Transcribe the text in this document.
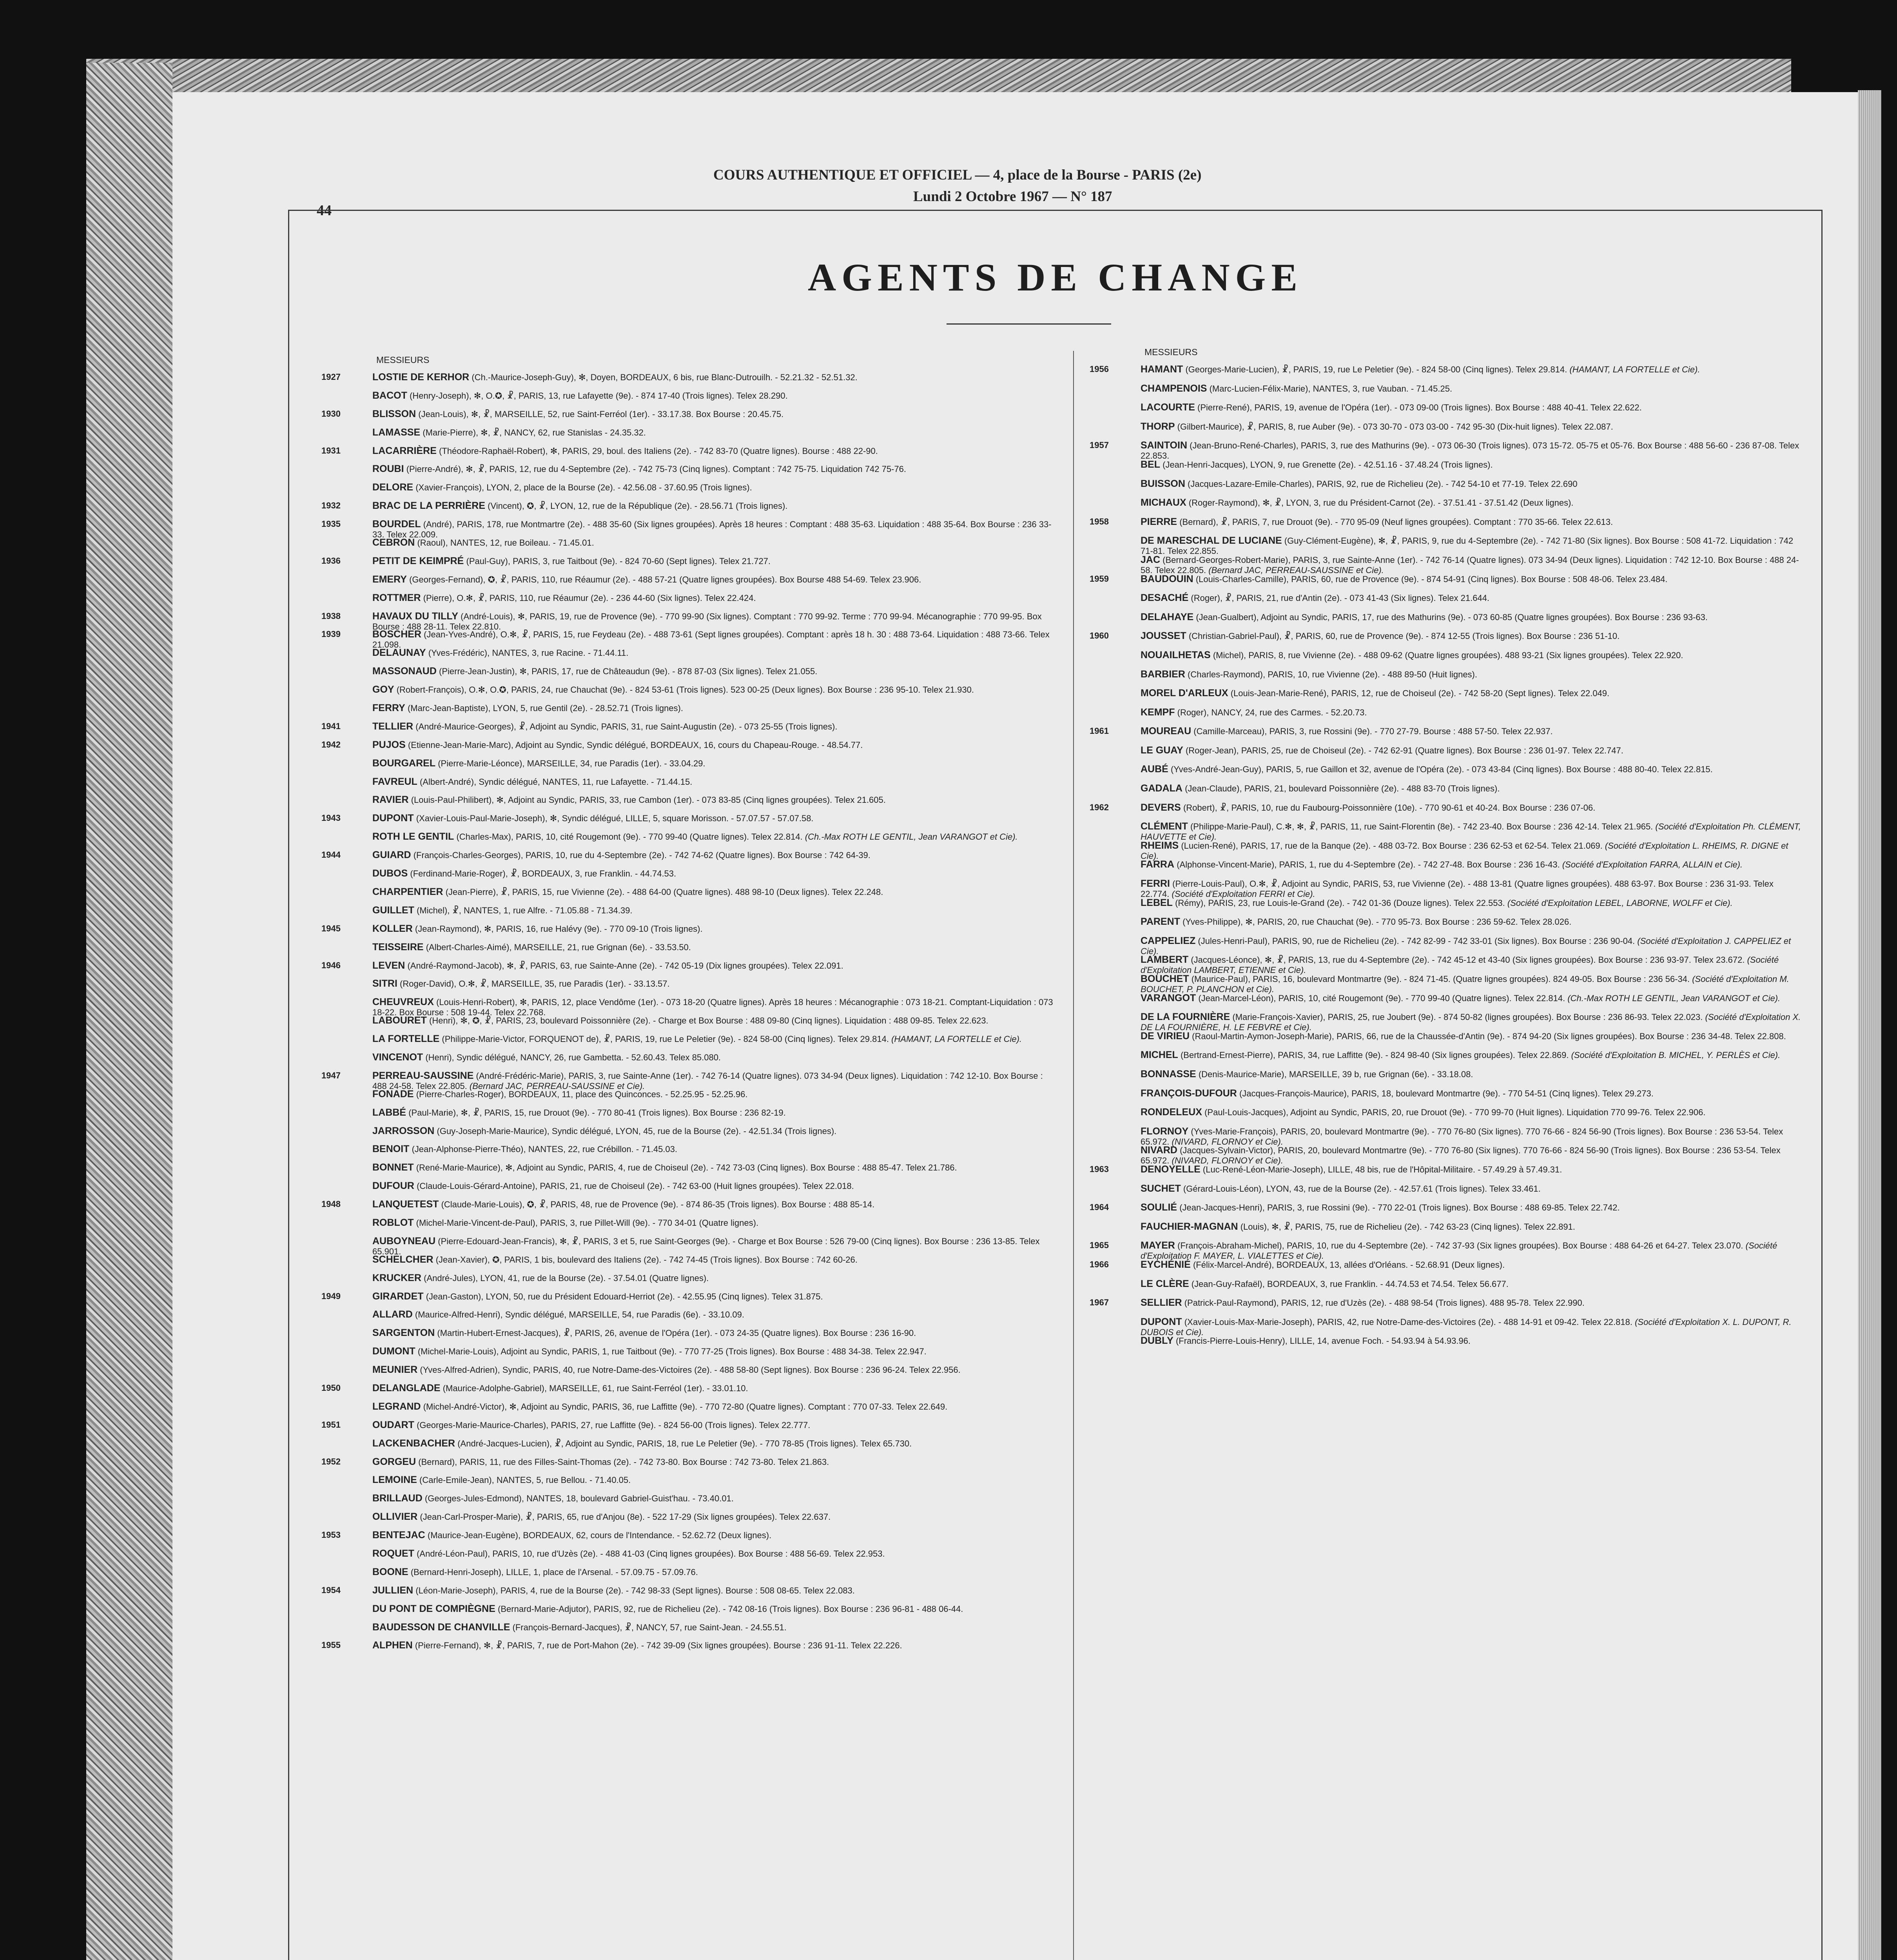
COURS AUTHENTIQUE ET OFFICIEL — 4, place de la Bourse - PARIS (2e)
Lundi 2 Octobre 1967 — N° 187
44
AGENTS DE CHANGE
MESSIEURS
1927	LOSTIE DE KERHOR (Ch.-Maurice-Joseph-Guy), ✻, Doyen, BORDEAUX, 6 bis, rue Blanc-Dutrouilh. - 52.21.32 - 52.51.32.
BACOT (Henry-Joseph), ✻, O.✪, ☧, PARIS, 13, rue Lafayette (9e). - 874 17-40 (Trois lignes). Telex 28.290.
1930	BLISSON (Jean-Louis), ✻, ☧, MARSEILLE, 52, rue Saint-Ferréol (1er). - 33.17.38. Box Bourse : 20.45.75.
LAMASSE (Marie-Pierre), ✻, ☧, NANCY, 62, rue Stanislas - 24.35.32.
1931	LACARRIÈRE (Théodore-Raphaël-Robert), ✻, PARIS, 29, boul. des Italiens (2e). - 742 83-70 (Quatre lignes). Bourse : 488 22-90.
ROUBI (Pierre-André), ✻, ☧, PARIS, 12, rue du 4-Septembre (2e). - 742 75-73 (Cinq lignes). Comptant : 742 75-75. Liquidation 742 75-76.
DELORE (Xavier-François), LYON, 2, place de la Bourse (2e). - 42.56.08 - 37.60.95 (Trois lignes).
1932	BRAC DE LA PERRIÈRE (Vincent), ✪, ☧, LYON, 12, rue de la République (2e). - 28.56.71 (Trois lignes).
1935	BOURDEL (André), PARIS, 178, rue Montmartre (2e). - 488 35-60 (Six lignes groupées). Après 18 heures : Comptant : 488 35-63. Liquidation : 488 35-64. Box Bourse : 236 33-33. Telex 22.009.
CEBRON (Raoul), NANTES, 12, rue Boileau. - 71.45.01.
1936	PETIT DE KEIMPRÉ (Paul-Guy), PARIS, 3, rue Taitbout (9e). - 824 70-60 (Sept lignes). Telex 21.727.
EMERY (Georges-Fernand), ✪, ☧, PARIS, 110, rue Réaumur (2e). - 488 57-21 (Quatre lignes groupées). Box Bourse 488 54-69. Telex 23.906.
ROTTMER (Pierre), O.✻, ☧, PARIS, 110, rue Réaumur (2e). - 236 44-60 (Six lignes). Telex 22.424.
1938	HAVAUX DU TILLY (André-Louis), ✻, PARIS, 19, rue de Provence (9e). - 770 99-90 (Six lignes). Comptant : 770 99-92. Terme : 770 99-94. Mécanographie : 770 99-95. Box Bourse : 488 28-11. Telex 22.810.
1939	BOSCHER (Jean-Yves-André), O.✻, ☧, PARIS, 15, rue Feydeau (2e). - 488 73-61 (Sept lignes groupées). Comptant : après 18 h. 30 : 488 73-64. Liquidation : 488 73-66. Telex 21.098.
DELAUNAY (Yves-Frédéric), NANTES, 3, rue Racine. - 71.44.11.
MASSONAUD (Pierre-Jean-Justin), ✻, PARIS, 17, rue de Châteaudun (9e). - 878 87-03 (Six lignes). Telex 21.055.
GOY (Robert-François), O.✻, O.✪, PARIS, 24, rue Chauchat (9e). - 824 53-61 (Trois lignes). 523 00-25 (Deux lignes). Box Bourse : 236 95-10. Telex 21.930.
FERRY (Marc-Jean-Baptiste), LYON, 5, rue Gentil (2e). - 28.52.71 (Trois lignes).
1941	TELLIER (André-Maurice-Georges), ☧, Adjoint au Syndic, PARIS, 31, rue Saint-Augustin (2e). - 073 25-55 (Trois lignes).
1942	PUJOS (Etienne-Jean-Marie-Marc), Adjoint au Syndic, Syndic délégué, BORDEAUX, 16, cours du Chapeau-Rouge. - 48.54.77.
BOURGAREL (Pierre-Marie-Léonce), MARSEILLE, 34, rue Paradis (1er). - 33.04.29.
FAVREUL (Albert-André), Syndic délégué, NANTES, 11, rue Lafayette. - 71.44.15.
RAVIER (Louis-Paul-Philibert), ✻, Adjoint au Syndic, PARIS, 33, rue Cambon (1er). - 073 83-85 (Cinq lignes groupées). Telex 21.605.
1943	DUPONT (Xavier-Louis-Paul-Marie-Joseph), ✻, Syndic délégué, LILLE, 5, square Morisson. - 57.07.57 - 57.07.58.
ROTH LE GENTIL (Charles-Max), PARIS, 10, cité Rougemont (9e). - 770 99-40 (Quatre lignes). Telex 22.814. (Ch.-Max ROTH LE GENTIL, Jean VARANGOT et Cie).
1944	GUIARD (François-Charles-Georges), PARIS, 10, rue du 4-Septembre (2e). - 742 74-62 (Quatre lignes). Box Bourse : 742 64-39.
DUBOS (Ferdinand-Marie-Roger), ☧, BORDEAUX, 3, rue Franklin. - 44.74.53.
CHARPENTIER (Jean-Pierre), ☧, PARIS, 15, rue Vivienne (2e). - 488 64-00 (Quatre lignes). 488 98-10 (Deux lignes). Telex 22.248.
GUILLET (Michel), ☧, NANTES, 1, rue Alfre. - 71.05.88 - 71.34.39.
1945	KOLLER (Jean-Raymond), ✻, PARIS, 16, rue Halévy (9e). - 770 09-10 (Trois lignes).
TEISSEIRE (Albert-Charles-Aimé), MARSEILLE, 21, rue Grignan (6e). - 33.53.50.
1946	LEVEN (André-Raymond-Jacob), ✻, ☧, PARIS, 63, rue Sainte-Anne (2e). - 742 05-19 (Dix lignes groupées). Telex 22.091.
SITRI (Roger-David), O.✻, ☧, MARSEILLE, 35, rue Paradis (1er). - 33.13.57.
CHEUVREUX (Louis-Henri-Robert), ✻, PARIS, 12, place Vendôme (1er). - 073 18-20 (Quatre lignes). Après 18 heures : Mécanographie : 073 18-21. Comptant-Liquidation : 073 18-22. Box Bourse : 508 19-44. Telex 22.768.
LABOURET (Henri), ✻, ✪, ☧, PARIS, 23, boulevard Poissonnière (2e). - Charge et Box Bourse : 488 09-80 (Cinq lignes). Liquidation : 488 09-85. Telex 22.623.
LA FORTELLE (Philippe-Marie-Victor, FORQUENOT de), ☧, PARIS, 19, rue Le Peletier (9e). - 824 58-00 (Cinq lignes). Telex 29.814. (HAMANT, LA FORTELLE et Cie).
VINCENOT (Henri), Syndic délégué, NANCY, 26, rue Gambetta. - 52.60.43. Telex 85.080.
1947	PERREAU-SAUSSINE (André-Frédéric-Marie), PARIS, 3, rue Sainte-Anne (1er). - 742 76-14 (Quatre lignes). 073 34-94 (Deux lignes). Liquidation : 742 12-10. Box Bourse : 488 24-58. Telex 22.805. (Bernard JAC, PERREAU-SAUSSINE et Cie).
FONADE (Pierre-Charles-Roger), BORDEAUX, 11, place des Quinconces. - 52.25.95 - 52.25.96.
LABBÉ (Paul-Marie), ✻, ☧, PARIS, 15, rue Drouot (9e). - 770 80-41 (Trois lignes). Box Bourse : 236 82-19.
JARROSSON (Guy-Joseph-Marie-Maurice), Syndic délégué, LYON, 45, rue de la Bourse (2e). - 42.51.34 (Trois lignes).
BENOIT (Jean-Alphonse-Pierre-Théo), NANTES, 22, rue Crébillon. - 71.45.03.
BONNET (René-Marie-Maurice), ✻, Adjoint au Syndic, PARIS, 4, rue de Choiseul (2e). - 742 73-03 (Cinq lignes). Box Bourse : 488 85-47. Telex 21.786.
DUFOUR (Claude-Louis-Gérard-Antoine), PARIS, 21, rue de Choiseul (2e). - 742 63-00 (Huit lignes groupées). Telex 22.018.
1948	LANQUETEST (Claude-Marie-Louis), ✪, ☧, PARIS, 48, rue de Provence (9e). - 874 86-35 (Trois lignes). Box Bourse : 488 85-14.
ROBLOT (Michel-Marie-Vincent-de-Paul), PARIS, 3, rue Pillet-Will (9e). - 770 34-01 (Quatre lignes).
AUBOYNEAU (Pierre-Edouard-Jean-Francis), ✻, ☧, PARIS, 3 et 5, rue Saint-Georges (9e). - Charge et Box Bourse : 526 79-00 (Cinq lignes). Box Bourse : 236 13-85. Telex 65.901.
SCHELCHER (Jean-Xavier), ✪, PARIS, 1 bis, boulevard des Italiens (2e). - 742 74-45 (Trois lignes). Box Bourse : 742 60-26.
KRUCKER (André-Jules), LYON, 41, rue de la Bourse (2e). - 37.54.01 (Quatre lignes).
1949	GIRARDET (Jean-Gaston), LYON, 50, rue du Président Edouard-Herriot (2e). - 42.55.95 (Cinq lignes). Telex 31.875.
ALLARD (Maurice-Alfred-Henri), Syndic délégué, MARSEILLE, 54, rue Paradis (6e). - 33.10.09.
SARGENTON (Martin-Hubert-Ernest-Jacques), ☧, PARIS, 26, avenue de l'Opéra (1er). - 073 24-35 (Quatre lignes). Box Bourse : 236 16-90.
DUMONT (Michel-Marie-Louis), Adjoint au Syndic, PARIS, 1, rue Taitbout (9e). - 770 77-25 (Trois lignes). Box Bourse : 488 34-38. Telex 22.947.
MEUNIER (Yves-Alfred-Adrien), Syndic, PARIS, 40, rue Notre-Dame-des-Victoires (2e). - 488 58-80 (Sept lignes). Box Bourse : 236 96-24. Telex 22.956.
1950	DELANGLADE (Maurice-Adolphe-Gabriel), MARSEILLE, 61, rue Saint-Ferréol (1er). - 33.01.10.
LEGRAND (Michel-André-Victor), ✻, Adjoint au Syndic, PARIS, 36, rue Laffitte (9e). - 770 72-80 (Quatre lignes). Comptant : 770 07-33. Telex 22.649.
1951	OUDART (Georges-Marie-Maurice-Charles), PARIS, 27, rue Laffitte (9e). - 824 56-00 (Trois lignes). Telex 22.777.
LACKENBACHER (André-Jacques-Lucien), ☧, Adjoint au Syndic, PARIS, 18, rue Le Peletier (9e). - 770 78-85 (Trois lignes). Telex 65.730.
1952	GORGEU (Bernard), PARIS, 11, rue des Filles-Saint-Thomas (2e). - 742 73-80. Box Bourse : 742 73-80. Telex 21.863.
LEMOINE (Carle-Emile-Jean), NANTES, 5, rue Bellou. - 71.40.05.
BRILLAUD (Georges-Jules-Edmond), NANTES, 18, boulevard Gabriel-Guist'hau. - 73.40.01.
OLLIVIER (Jean-Carl-Prosper-Marie), ☧, PARIS, 65, rue d'Anjou (8e). - 522 17-29 (Six lignes groupées). Telex 22.637.
1953	BENTEJAC (Maurice-Jean-Eugène), BORDEAUX, 62, cours de l'Intendance. - 52.62.72 (Deux lignes).
ROQUET (André-Léon-Paul), PARIS, 10, rue d'Uzès (2e). - 488 41-03 (Cinq lignes groupées). Box Bourse : 488 56-69. Telex 22.953.
BOONE (Bernard-Henri-Joseph), LILLE, 1, place de l'Arsenal. - 57.09.75 - 57.09.76.
1954	JULLIEN (Léon-Marie-Joseph), PARIS, 4, rue de la Bourse (2e). - 742 98-33 (Sept lignes). Bourse : 508 08-65. Telex 22.083.
DU PONT DE COMPIÈGNE (Bernard-Marie-Adjutor), PARIS, 92, rue de Richelieu (2e). - 742 08-16 (Trois lignes). Box Bourse : 236 96-81 - 488 06-44.
BAUDESSON DE CHANVILLE (François-Bernard-Jacques), ☧, NANCY, 57, rue Saint-Jean. - 24.55.51.
1955	ALPHEN (Pierre-Fernand), ✻, ☧, PARIS, 7, rue de Port-Mahon (2e). - 742 39-09 (Six lignes groupées). Bourse : 236 91-11. Telex 22.226.
MESSIEURS
1956	HAMANT (Georges-Marie-Lucien), ☧, PARIS, 19, rue Le Peletier (9e). - 824 58-00 (Cinq lignes). Telex 29.814. (HAMANT, LA FORTELLE et Cie).
CHAMPENOIS (Marc-Lucien-Félix-Marie), NANTES, 3, rue Vauban. - 71.45.25.
LACOURTE (Pierre-René), PARIS, 19, avenue de l'Opéra (1er). - 073 09-00 (Trois lignes). Box Bourse : 488 40-41. Telex 22.622.
THORP (Gilbert-Maurice), ☧, PARIS, 8, rue Auber (9e). - 073 30-70 - 073 03-00 - 742 95-30 (Dix-huit lignes). Telex 22.087.
1957	SAINTOIN (Jean-Bruno-René-Charles), PARIS, 3, rue des Mathurins (9e). - 073 06-30 (Trois lignes). 073 15-72. 05-75 et 05-76. Box Bourse : 488 56-60 - 236 87-08. Telex 22.853.
BEL (Jean-Henri-Jacques), LYON, 9, rue Grenette (2e). - 42.51.16 - 37.48.24 (Trois lignes).
BUISSON (Jacques-Lazare-Emile-Charles), PARIS, 92, rue de Richelieu (2e). - 742 54-10 et 77-19. Telex 22.690
MICHAUX (Roger-Raymond), ✻, ☧, LYON, 3, rue du Président-Carnot (2e). - 37.51.41 - 37.51.42 (Deux lignes).
1958	PIERRE (Bernard), ☧, PARIS, 7, rue Drouot (9e). - 770 95-09 (Neuf lignes groupées). Comptant : 770 35-66. Telex 22.613.
DE MARESCHAL DE LUCIANE (Guy-Clément-Eugène), ✻, ☧, PARIS, 9, rue du 4-Septembre (2e). - 742 71-80 (Six lignes). Box Bourse : 508 41-72. Liquidation : 742 71-81. Telex 22.855.
JAC (Bernard-Georges-Robert-Marie), PARIS, 3, rue Sainte-Anne (1er). - 742 76-14 (Quatre lignes). 073 34-94 (Deux lignes). Liquidation : 742 12-10. Box Bourse : 488 24-58. Telex 22.805. (Bernard JAC, PERREAU-SAUSSINE et Cie).
1959	BAUDOUIN (Louis-Charles-Camille), PARIS, 60, rue de Provence (9e). - 874 54-91 (Cinq lignes). Box Bourse : 508 48-06. Telex 23.484.
DESACHÉ (Roger), ☧, PARIS, 21, rue d'Antin (2e). - 073 41-43 (Six lignes). Telex 21.644.
DELAHAYE (Jean-Gualbert), Adjoint au Syndic, PARIS, 17, rue des Mathurins (9e). - 073 60-85 (Quatre lignes groupées). Box Bourse : 236 93-63.
1960	JOUSSET (Christian-Gabriel-Paul), ☧, PARIS, 60, rue de Provence (9e). - 874 12-55 (Trois lignes). Box Bourse : 236 51-10.
NOUAILHETAS (Michel), PARIS, 8, rue Vivienne (2e). - 488 09-62 (Quatre lignes groupées). 488 93-21 (Six lignes groupées). Telex 22.920.
BARBIER (Charles-Raymond), PARIS, 10, rue Vivienne (2e). - 488 89-50 (Huit lignes).
MOREL D'ARLEUX (Louis-Jean-Marie-René), PARIS, 12, rue de Choiseul (2e). - 742 58-20 (Sept lignes). Telex 22.049.
KEMPF (Roger), NANCY, 24, rue des Carmes. - 52.20.73.
1961	MOUREAU (Camille-Marceau), PARIS, 3, rue Rossini (9e). - 770 27-79. Bourse : 488 57-50. Telex 22.937.
LE GUAY (Roger-Jean), PARIS, 25, rue de Choiseul (2e). - 742 62-91 (Quatre lignes). Box Bourse : 236 01-97. Telex 22.747.
AUBÉ (Yves-André-Jean-Guy), PARIS, 5, rue Gaillon et 32, avenue de l'Opéra (2e). - 073 43-84 (Cinq lignes). Box Bourse : 488 80-40. Telex 22.815.
GADALA (Jean-Claude), PARIS, 21, boulevard Poissonnière (2e). - 488 83-70 (Trois lignes).
1962	DEVERS (Robert), ☧, PARIS, 10, rue du Faubourg-Poissonnière (10e). - 770 90-61 et 40-24. Box Bourse : 236 07-06.
CLÉMENT (Philippe-Marie-Paul), C.✻, ✻, ☧, PARIS, 11, rue Saint-Florentin (8e). - 742 23-40. Box Bourse : 236 42-14. Telex 21.965. (Société d'Exploitation Ph. CLÉMENT, HAUVETTE et Cie).
RHEIMS (Lucien-René), PARIS, 17, rue de la Banque (2e). - 488 03-72. Box Bourse : 236 62-53 et 62-54. Telex 21.069. (Société d'Exploitation L. RHEIMS, R. DIGNE et Cie).
FARRA (Alphonse-Vincent-Marie), PARIS, 1, rue du 4-Septembre (2e). - 742 27-48. Box Bourse : 236 16-43. (Société d'Exploitation FARRA, ALLAIN et Cie).
FERRI (Pierre-Louis-Paul), O.✻, ☧, Adjoint au Syndic, PARIS, 53, rue Vivienne (2e). - 488 13-81 (Quatre lignes groupées). 488 63-97. Box Bourse : 236 31-93. Telex 22.774. (Société d'Exploitation FERRI et Cie).
LEBEL (Rémy), PARIS, 23, rue Louis-le-Grand (2e). - 742 01-36 (Douze lignes). Telex 22.553. (Société d'Exploitation LEBEL, LABORNE, WOLFF et Cie).
PARENT (Yves-Philippe), ✻, PARIS, 20, rue Chauchat (9e). - 770 95-73. Box Bourse : 236 59-62. Telex 28.026.
CAPPELIEZ (Jules-Henri-Paul), PARIS, 90, rue de Richelieu (2e). - 742 82-99 - 742 33-01 (Six lignes). Box Bourse : 236 90-04. (Société d'Exploitation J. CAPPELIEZ et Cie).
LAMBERT (Jacques-Léonce), ✻, ☧, PARIS, 13, rue du 4-Septembre (2e). - 742 45-12 et 43-40 (Six lignes groupées). Box Bourse : 236 93-97. Telex 23.672. (Société d'Exploitation LAMBERT, ETIENNE et Cie).
BOUCHET (Maurice-Paul), PARIS, 16, boulevard Montmartre (9e). - 824 71-45. (Quatre lignes groupées). 824 49-05. Box Bourse : 236 56-34. (Société d'Exploitation M. BOUCHET, P. PLANCHON et Cie).
VARANGOT (Jean-Marcel-Léon), PARIS, 10, cité Rougemont (9e). - 770 99-40 (Quatre lignes). Telex 22.814. (Ch.-Max ROTH LE GENTIL, Jean VARANGOT et Cie).
DE LA FOURNIÈRE (Marie-François-Xavier), PARIS, 25, rue Joubert (9e). - 874 50-82 (lignes groupées). Box Bourse : 236 86-93. Telex 22.023. (Société d'Exploitation X. DE LA FOURNIÈRE, H. LE FEBVRE et Cie).
DE VIRIEU (Raoul-Martin-Aymon-Joseph-Marie), PARIS, 66, rue de la Chaussée-d'Antin (9e). - 874 94-20 (Six lignes groupées). Box Bourse : 236 34-48. Telex 22.808.
MICHEL (Bertrand-Ernest-Pierre), PARIS, 34, rue Laffitte (9e). - 824 98-40 (Six lignes groupées). Telex 22.869. (Société d'Exploitation B. MICHEL, Y. PERLÈS et Cie).
BONNASSE (Denis-Maurice-Marie), MARSEILLE, 39 b, rue Grignan (6e). - 33.18.08.
FRANÇOIS-DUFOUR (Jacques-François-Maurice), PARIS, 18, boulevard Montmartre (9e). - 770 54-51 (Cinq lignes). Telex 29.273.
RONDELEUX (Paul-Louis-Jacques), Adjoint au Syndic, PARIS, 20, rue Drouot (9e). - 770 99-70 (Huit lignes). Liquidation 770 99-76. Telex 22.906.
FLORNOY (Yves-Marie-François), PARIS, 20, boulevard Montmartre (9e). - 770 76-80 (Six lignes). 770 76-66 - 824 56-90 (Trois lignes). Box Bourse : 236 53-54. Telex 65.972. (NIVARD, FLORNOY et Cie).
NIVARD (Jacques-Sylvain-Victor), PARIS, 20, boulevard Montmartre (9e). - 770 76-80 (Six lignes). 770 76-66 - 824 56-90 (Trois lignes). Box Bourse : 236 53-54. Telex 65.972. (NIVARD, FLORNOY et Cie).
1963	DENOYELLE (Luc-René-Léon-Marie-Joseph), LILLE, 48 bis, rue de l'Hôpital-Militaire. - 57.49.29 à 57.49.31.
SUCHET (Gérard-Louis-Léon), LYON, 43, rue de la Bourse (2e). - 42.57.61 (Trois lignes). Telex 33.461.
1964	SOULIÉ (Jean-Jacques-Henri), PARIS, 3, rue Rossini (9e). - 770 22-01 (Trois lignes). Box Bourse : 488 69-85. Telex 22.742.
FAUCHIER-MAGNAN (Louis), ✻, ☧, PARIS, 75, rue de Richelieu (2e). - 742 63-23 (Cinq lignes). Telex 22.891.
1965	MAYER (François-Abraham-Michel), PARIS, 10, rue du 4-Septembre (2e). - 742 37-93 (Six lignes groupées). Box Bourse : 488 64-26 et 64-27. Telex 23.070. (Société d'Exploitation F. MAYER, L. VIALETTES et Cie).
1966	EYCHÉNIÉ (Félix-Marcel-André), BORDEAUX, 13, allées d'Orléans. - 52.68.91 (Deux lignes).
LE CLÈRE (Jean-Guy-Rafaël), BORDEAUX, 3, rue Franklin. - 44.74.53 et 74.54. Telex 56.677.
1967	SELLIER (Patrick-Paul-Raymond), PARIS, 12, rue d'Uzès (2e). - 488 98-54 (Trois lignes). 488 95-78. Telex 22.990.
DUPONT (Xavier-Louis-Max-Marie-Joseph), PARIS, 42, rue Notre-Dame-des-Victoires (2e). - 488 14-91 et 09-42. Telex 22.818. (Société d'Exploitation X. L. DUPONT, R. DUBOIS et Cie).
DUBLY (Francis-Pierre-Louis-Henry), LILLE, 14, avenue Foch. - 54.93.94 à 54.93.96.
